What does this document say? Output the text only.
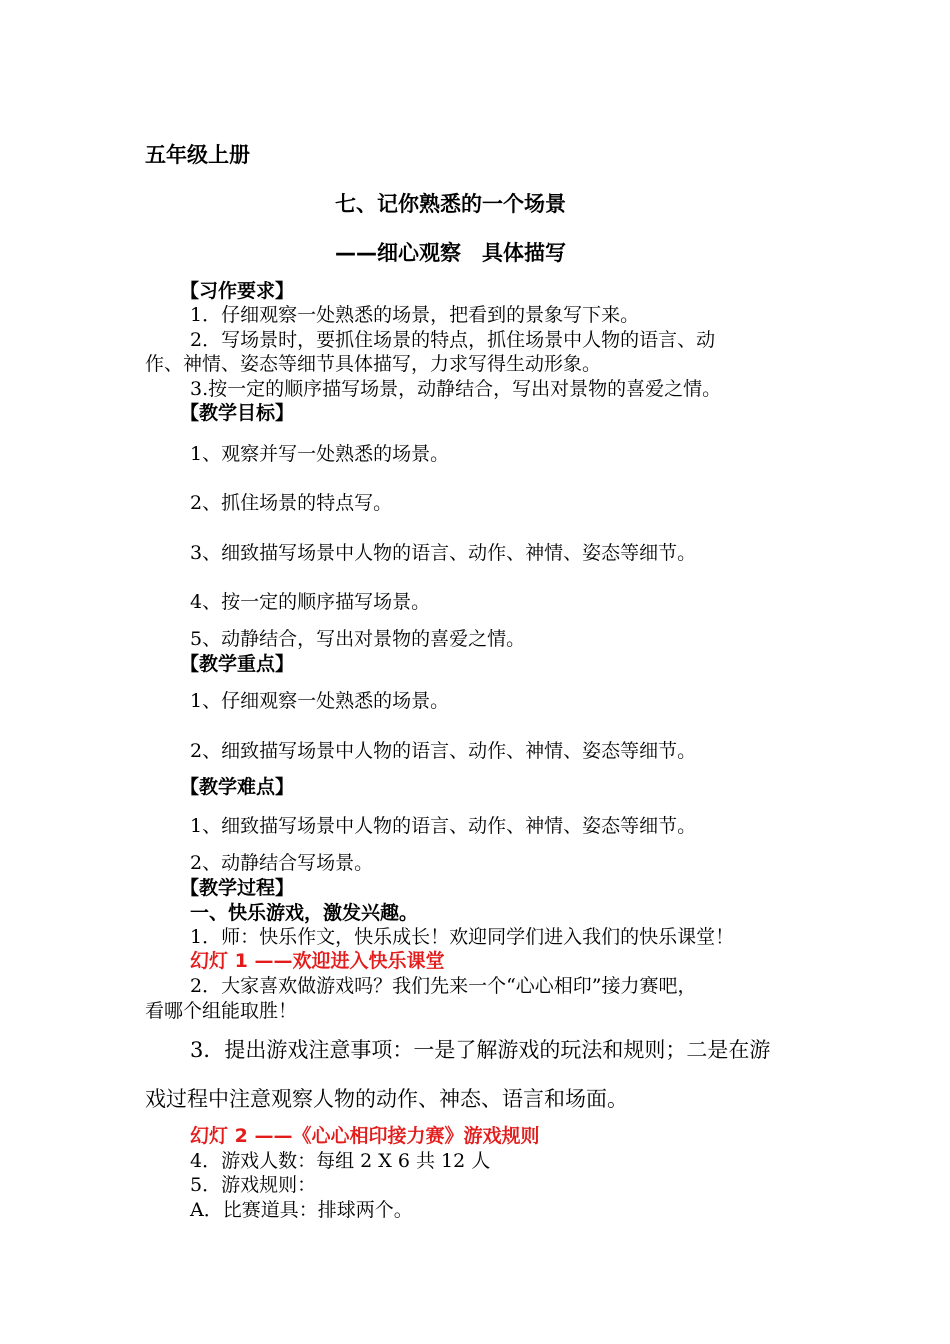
五年级上册
七、记你熟悉的一个场景
——细心观察　具体描写
【习作要求】
1．仔细观察一处熟悉的场景，把看到的景象写下来。
2．写场景时，要抓住场景的特点，抓住场景中人物的语言、动
作、神情、姿态等细节具体描写，力求写得生动形象。
3.按一定的顺序描写场景，动静结合，写出对景物的喜爱之情。
【教学目标】
1、观察并写一处熟悉的场景。
2、抓住场景的特点写。
3、细致描写场景中人物的语言、动作、神情、姿态等细节。
4、按一定的顺序描写场景。
5、动静结合，写出对景物的喜爱之情。
【教学重点】
1、仔细观察一处熟悉的场景。
2、细致描写场景中人物的语言、动作、神情、姿态等细节。
【教学难点】
1、细致描写场景中人物的语言、动作、神情、姿态等细节。
2、动静结合写场景。
【教学过程】
一、快乐游戏，激发兴趣。
1．师：快乐作文，快乐成长！欢迎同学们进入我们的快乐课堂！
幻灯 1 ——欢迎进入快乐课堂
2．大家喜欢做游戏吗？我们先来一个“心心相印”接力赛吧，
看哪个组能取胜！
3．提出游戏注意事项：一是了解游戏的玩法和规则；二是在游
戏过程中注意观察人物的动作、神态、语言和场面。
幻灯 2 ——《心心相印接力赛》游戏规则
4．游戏人数：每组 2 X 6 共 12 人
5．游戏规则：
A．比赛道具：排球两个。
